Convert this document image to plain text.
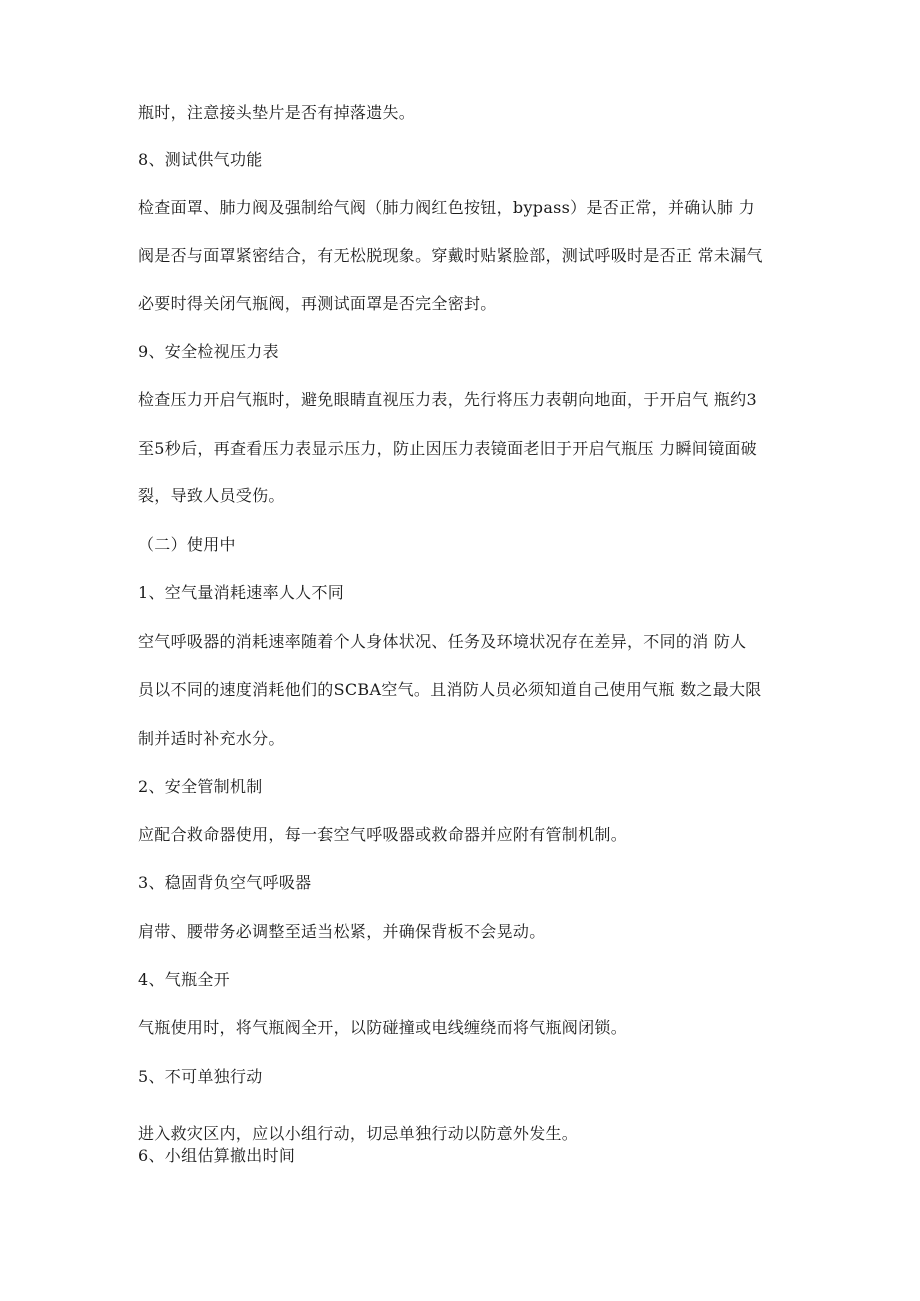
瓶时，注意接头垫片是否有掉落遗失。
8、测试供气功能
检查面罩、肺力阀及强制给气阀（肺力阀红色按钮，bypass）是否正常，并确认肺 力
阀是否与面罩紧密结合，有无松脱现象。穿戴时贴紧脸部，测试呼吸时是否正 常未漏气
必要时得关闭气瓶阀，再测试面罩是否完全密封。
9、安全检视压力表
检查压力开启气瓶时，避免眼睛直视压力表，先行将压力表朝向地面，于开启气 瓶约3
至5秒后，再查看压力表显示压力，防止因压力表镜面老旧于开启气瓶压 力瞬间镜面破
裂，导致人员受伤。
（二）使用中
1、空气量消耗速率人人不同
空气呼吸器的消耗速率随着个人身体状况、任务及环境状况存在差异，不同的消 防人
员以不同的速度消耗他们的SCBA空气。且消防人员必须知道自己使用气瓶 数之最大限
制并适时补充水分。
2、安全管制机制
应配合救命器使用，每一套空气呼吸器或救命器并应附有管制机制。
3、稳固背负空气呼吸器
肩带、腰带务必调整至适当松紧，并确保背板不会晃动。
4、气瓶全开
气瓶使用时，将气瓶阀全开，以防碰撞或电线缠绕而将气瓶阀闭锁。
5、不可单独行动
进入救灾区内，应以小组行动，切忌单独行动以防意外发生。
6、小组估算撤出时间
